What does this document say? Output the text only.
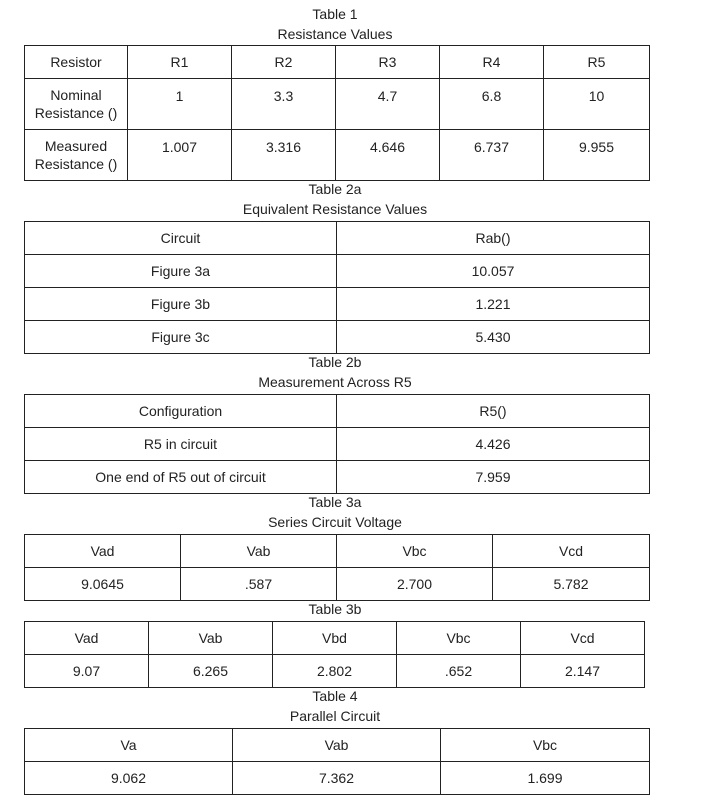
Table 1
Resistance Values
Resistor	R1	R2	R3	R4	R5
Nominal Resistance ()	1	3.3	4.7	6.8	10
Measured Resistance ()	1.007	3.316	4.646	6.737	9.955
Table 2a
Equivalent Resistance Values
Circuit	Rab()
Figure 3a	10.057
Figure 3b	1.221
Figure 3c	5.430
Table 2b
Measurement Across R5
Configuration	R5()
R5 in circuit	4.426
One end of R5 out of circuit	7.959
Table 3a
Series Circuit Voltage
Vad	Vab	Vbc	Vcd
9.0645	.587	2.700	5.782
Table 3b
Vad	Vab	Vbd	Vbc	Vcd
9.07	6.265	2.802	.652	2.147
Table 4
Parallel Circuit
Va	Vab	Vbc
9.062	7.362	1.699
